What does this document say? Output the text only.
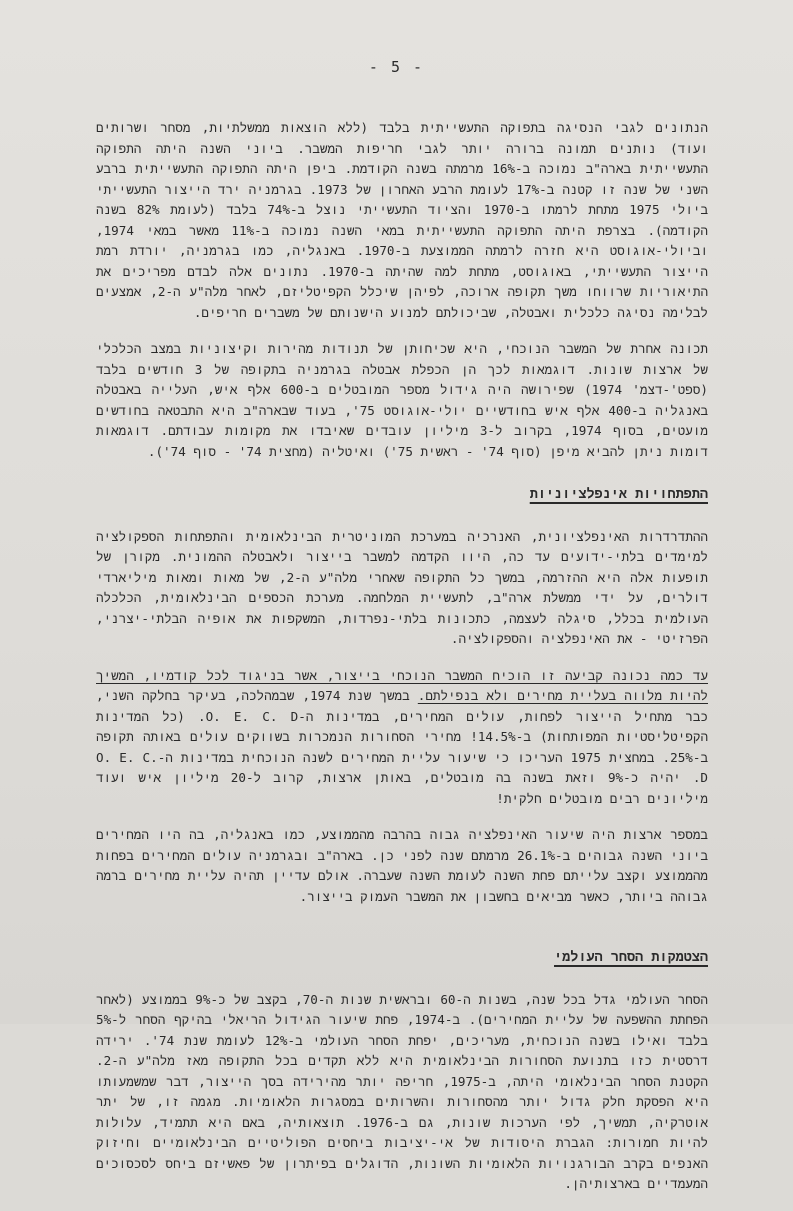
- 5 -

הנתונים לגבי הנסיגה בתפוקה התעשייתית בלבד (ללא הוצאות ממשלתיות, מסחר ושרותים ועוד) נותנים תמונה ברורה יותר לגבי חריפות המשבר. ביוני השנה היתה התפוקה התעשייתית בארה"ב נמוכה ב-16% מרמתה בשנה הקודמת. ביפן היתה התפוקה התעשייתית ברבע השני של שנה זו קטנה ב-17% לעומת הרבע האחרון של 1973. בגרמניה ירד הייצור התעשייתי ביולי 1975 מתחת לרמתו ב-1970 והציוד התעשייתי נוצל ב-74% בלבד (לעומת 82% בשנה הקודמה). בצרפת היתה התפוקה התעשייתית במאי השנה נמוכה ב-11% מאשר במאי 1974, וביולי-אוגוסט היא חזרה לרמתה הממוצעת ב-1970. באנגליה, כמו בגרמניה, יורדת רמת הייצור התעשייתי, באוגוסט, מתחת למה שהיתה ב-1970. נתונים אלה לבדם מפריכים את התיאוריות שרווחו משך תקופה ארוכה, לפיהן שיכלל הקפיטליזם, לאחר מלה"ע ה-2, אמצעים לבלימה נסיגה כלכלית ואבטלה, שביכולתם למנוע הישנותם של משברים חריפים.

תכונה אחרת של המשבר הנוכחי, היא שכיחותן של תנודות מהירות וקיצוניות במצב הכלכלי של ארצות שונות. דוגמאות לכך הן הכפלת אבטלה בגרמניה בתקופה של 3 חודשים בלבד (ספט'-דצמ' 1974) שפירושה היה גידול מספר המובטלים ב-600 אלף איש, העלייה באבטלה באנגליה ב-400 אלף איש בחודשיים יולי-אוגוסט 75', בעוד שבארה"ב היא התבטאה בחודשים מועטים, בסוף 1974, בקרוב ל-3 מיליון עובדים שאיבדו את מקומות עבודתם. דוגמאות דומות ניתן להביא מיפן (סוף 74' - ראשית 75') ואיטליה (מחצית 74' - סוף 74').

התפתחויות אינפלציוניות

ההתדרדרות האינפלציונית, האנרכיה במערכת המוניטרית הבינלאומית והתפתחות הספקולציה למימדים בלתי-ידועים עד כה, היוו הקדמה למשבר בייצור ולאבטלה ההמונית. מקורן של תופעות אלה היא ההזרמה, במשך כל התקופה שאחרי מלה"ע ה-2, של מאות ומאות מיליארדי דולרים, על ידי ממשלת ארה"ב, לתעשיית המלחמה. מערכת הכספים הבינלאומית, הכלכלה העולמית בכלל, סיגלה לעצמה, כתכונות בלתי-נפרדות, המשקפות את אופיה הבלתי-יצרני, הפרזיטי - את האינפלציה והספקולציה.

עד כמה נכונה קביעה זו הוכיח המשבר הנוכחי בייצור, אשר בניגוד לכל קודמיו, המשיך להיות מלווה בעליית מחירים ולא בנפילתם. במשך שנת 1974, שבמהלכה, בעיקר בחלקה השני, כבר מתחיל הייצור לפחות, עולים המחירים, במדינות ה-O. E. C. D. (כל המדינות הקפיטליסטיות המפותחות) ב-14.5%! מחירי הסחורות הנמכרות בשווקים עולים באותה תקופה ב-25%. במחצית 1975 העריכו כי שיעור עליית המחירים לשנה הנוכחית במדינות ה-O. E. C. D. יהיה כ-9% וזאת בשנה בה מובטלים, באותן ארצות, קרוב ל-20 מיליון איש ועוד מיליונים רבים מובטלים חלקית!

במספר ארצות היה שיעור האינפלציה גבוה בהרבה מהממוצע, כמו באנגליה, בה היו המחירים ביוני השנה גבוהים ב-26.1% מרמתם שנה לפני כן. בארה"ב ובגרמניה עולים המחירים בפחות מהממוצע וקצב עלייתם פחת השנה לעומת השנה שעברה. אולם עדיין תהיה עליית מחירים ברמה גבוהה ביותר, כאשר מביאים בחשבון את המשבר העמוק בייצור.

הצטמקות הסחר העולמי

הסחר העולמי גדל בכל שנה, בשנות ה-60 ובראשית שנות ה-70, בקצב של כ-9% בממוצע (לאחר הפחתת ההשפעה של עליית המחירים). ב-1974, פחת שיעור הגידול הריאלי בהיקף הסחר ל-5% בלבד ואילו בשנה הנוכחית, מעריכים, יפחת הסחר העולמי ב-12% לעומת שנת 74'. ירידה דרסטית כזו בתנועת הסחורות הבינלאומית היא ללא תקדים בכל התקופה מאז מלה"ע ה-2. הקטנת הסחר הבינלאומי היתה, ב-1975, חריפה יותר מהירידה בסך הייצור, דבר שמשמעותו היא הפסקת חלק גדול יותר מהסחורות והשרותים במסגרות הלאומיות. מגמה זו, של יתר אוטרקיה, תמשיך, לפי הערכות שונות, גם ב-1976. תוצאותיה, באם היא תתמיד, עלולות להיות חמורות: הגברת היסודות של אי-יציבות ביחסים הפוליטיים הבינלאומיים וחיזוק האנפים בקרב הבורגנויות הלאומיות השונות, הדוגלים בפיתרון של פאשיזם ביחס לסכסוכים המעמדיים בארצותיהן.
